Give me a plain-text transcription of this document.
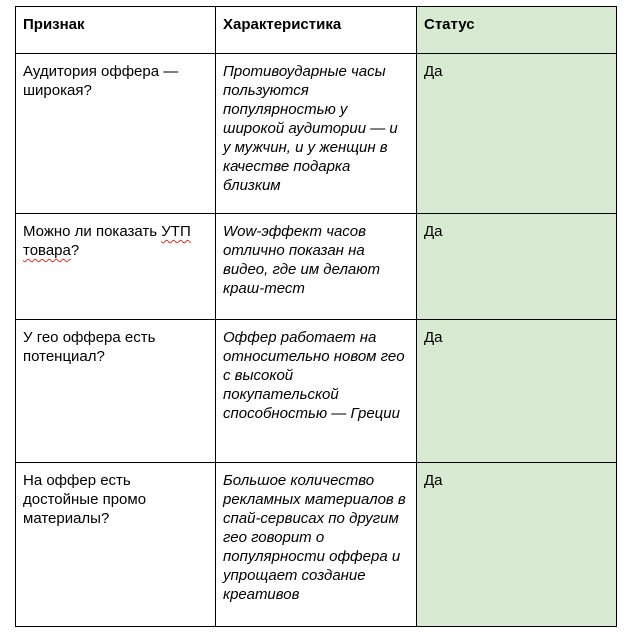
Признак	Характеристика	Статус
Аудитория оффера — широкая?	Противоударные часы пользуются популярностью у широкой аудитории — и у мужчин, и у женщин в качестве подарка близким	Да
Можно ли показать УТП товара?	Wow-эффект часов отлично показан на видео, где им делают краш-тест	Да
У гео оффера есть потенциал?	Оффер работает на относительно новом гео с высокой покупательской способностью — Греции	Да
На оффер есть достойные промо материалы?	Большое количество рекламных материалов в спай-сервисах по другим гео говорит о популярности оффера и упрощает создание креативов	Да
